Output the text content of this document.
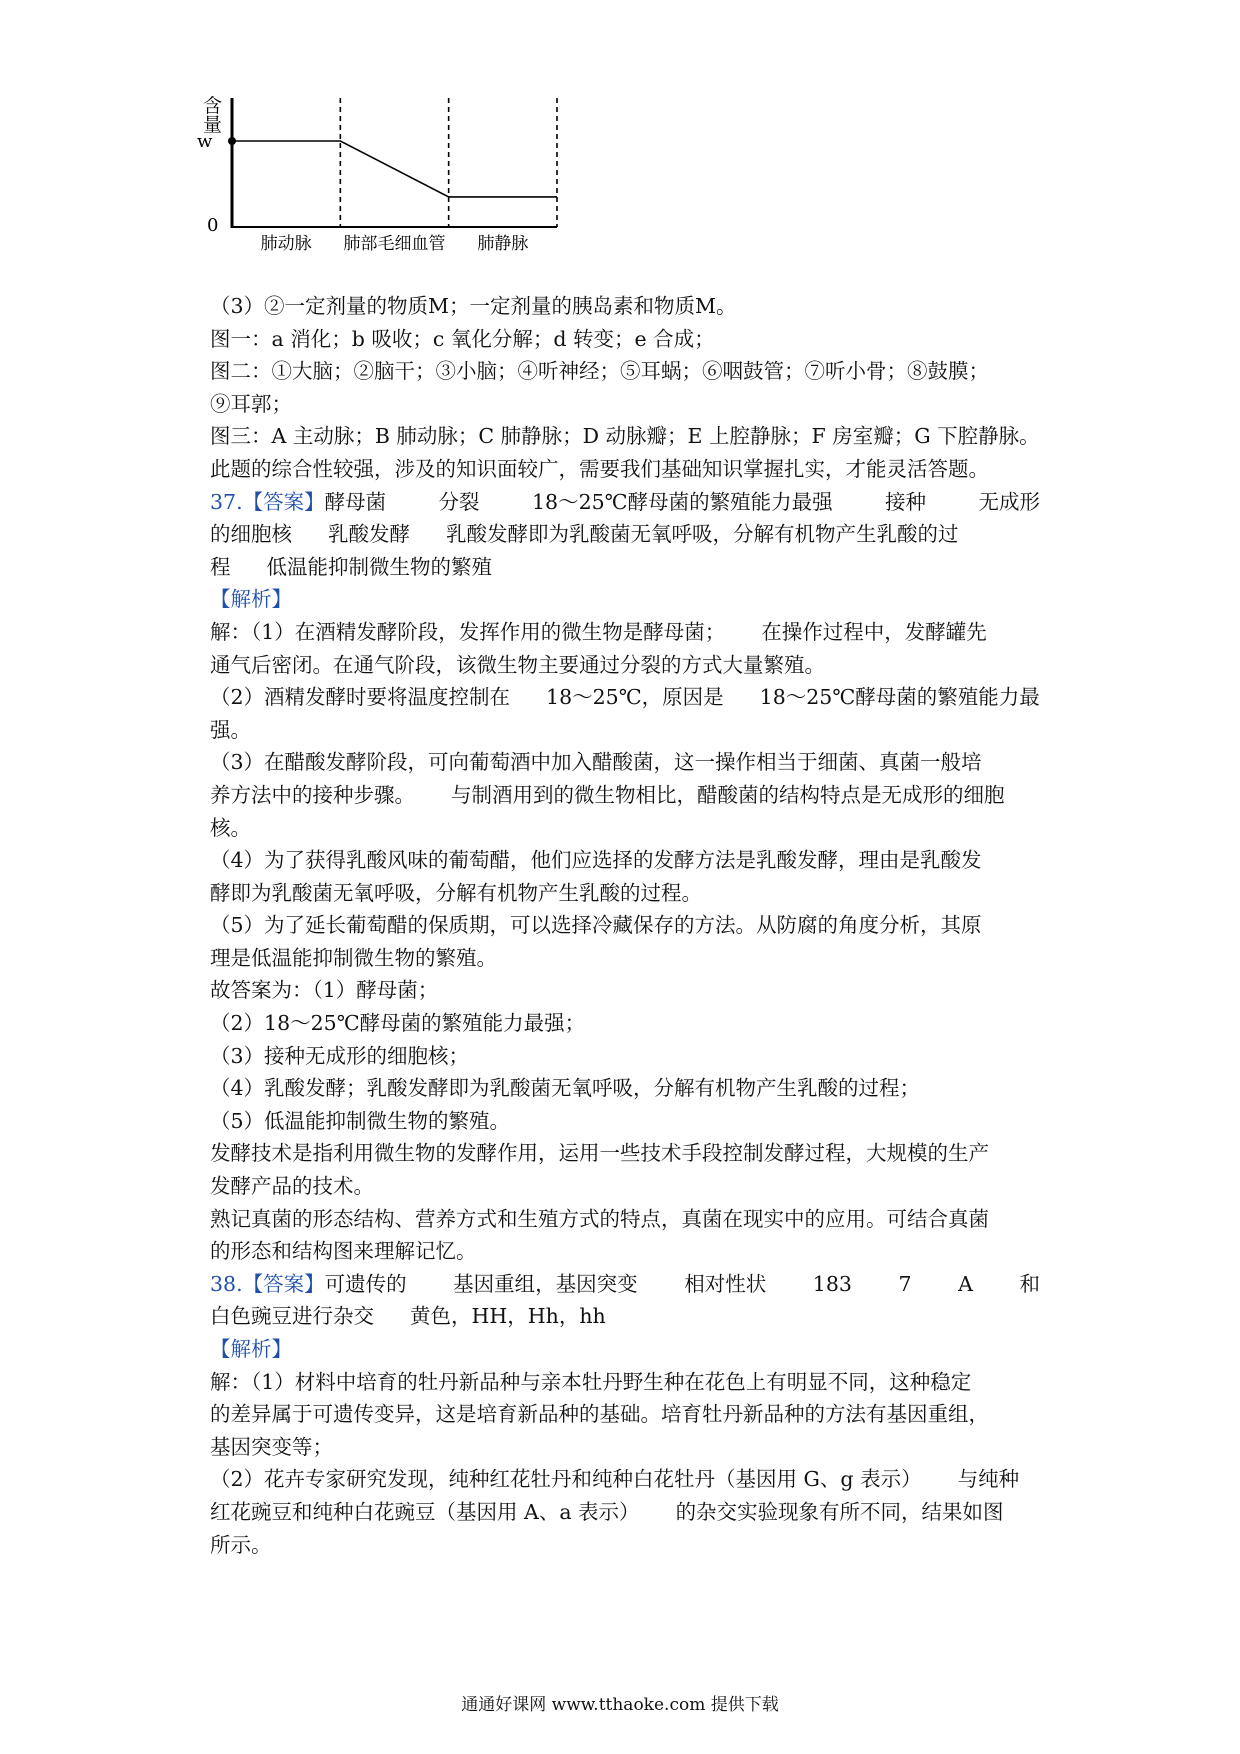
含
量
w
0
肺动脉 肺部毛细血管 肺静脉
（3）②一定剂量的物质M；一定剂量的胰岛素和物质M。
图一：a 消化；b 吸收；c 氧化分解；d 转变；e 合成；
图二：①大脑；②脑干；③小脑；④听神经；⑤耳蜗；⑥咽鼓管；⑦听小骨；⑧鼓膜；
⑨耳郭；
图三：A 主动脉；B 肺动脉；C 肺静脉；D 动脉瓣；E 上腔静脉；F 房室瓣；G 下腔静脉。
此题的综合性较强，涉及的知识面较广，需要我们基础知识掌握扎实，才能灵活答题。
37.【答案】酵母菌	分裂	18～25℃酵母菌的繁殖能力最强	接种	无成形
的细胞核 乳酸发酵 乳酸发酵即为乳酸菌无氧呼吸，分解有机物产生乳酸的过
程 低温能抑制微生物的繁殖
【解析】
解：（1）在酒精发酵阶段，发挥作用的微生物是酵母菌； 在操作过程中，发酵罐先
通气后密闭。在通气阶段，该微生物主要通过分裂的方式大量繁殖。
（2）酒精发酵时要将温度控制在 18～25℃，原因是 18～25℃酵母菌的繁殖能力最
强。
（3）在醋酸发酵阶段，可向葡萄酒中加入醋酸菌，这一操作相当于细菌、真菌一般培
养方法中的接种步骤。 与制酒用到的微生物相比，醋酸菌的结构特点是无成形的细胞
核。
（4）为了获得乳酸风味的葡萄醋，他们应选择的发酵方法是乳酸发酵，理由是乳酸发
酵即为乳酸菌无氧呼吸，分解有机物产生乳酸的过程。
（5）为了延长葡萄醋的保质期，可以选择冷藏保存的方法。从防腐的角度分析，其原
理是低温能抑制微生物的繁殖。
故答案为：（1）酵母菌；
（2）18～25℃酵母菌的繁殖能力最强；
（3）接种无成形的细胞核；
（4）乳酸发酵；乳酸发酵即为乳酸菌无氧呼吸，分解有机物产生乳酸的过程；
（5）低温能抑制微生物的繁殖。
发酵技术是指利用微生物的发酵作用，运用一些技术手段控制发酵过程，大规模的生产
发酵产品的技术。
熟记真菌的形态结构、营养方式和生殖方式的特点，真菌在现实中的应用。可结合真菌
的形态和结构图来理解记忆。
38.【答案】可遗传的 基因重组，基因突变 相对性状 183 7 A 和
白色豌豆进行杂交 黄色，HH，Hh，hh
【解析】
解：（1）材料中培育的牡丹新品种与亲本牡丹野生种在花色上有明显不同，这种稳定
的差异属于可遗传变异，这是培育新品种的基础。培育牡丹新品种的方法有基因重组，
基因突变等；
（2）花卉专家研究发现，纯种红花牡丹和纯种白花牡丹（基因用 G、g 表示） 与纯种
红花豌豆和纯种白花豌豆（基因用 A、a 表示） 的杂交实验现象有所不同，结果如图
所示。
通通好课网 www.tthaoke.com 提供下载
